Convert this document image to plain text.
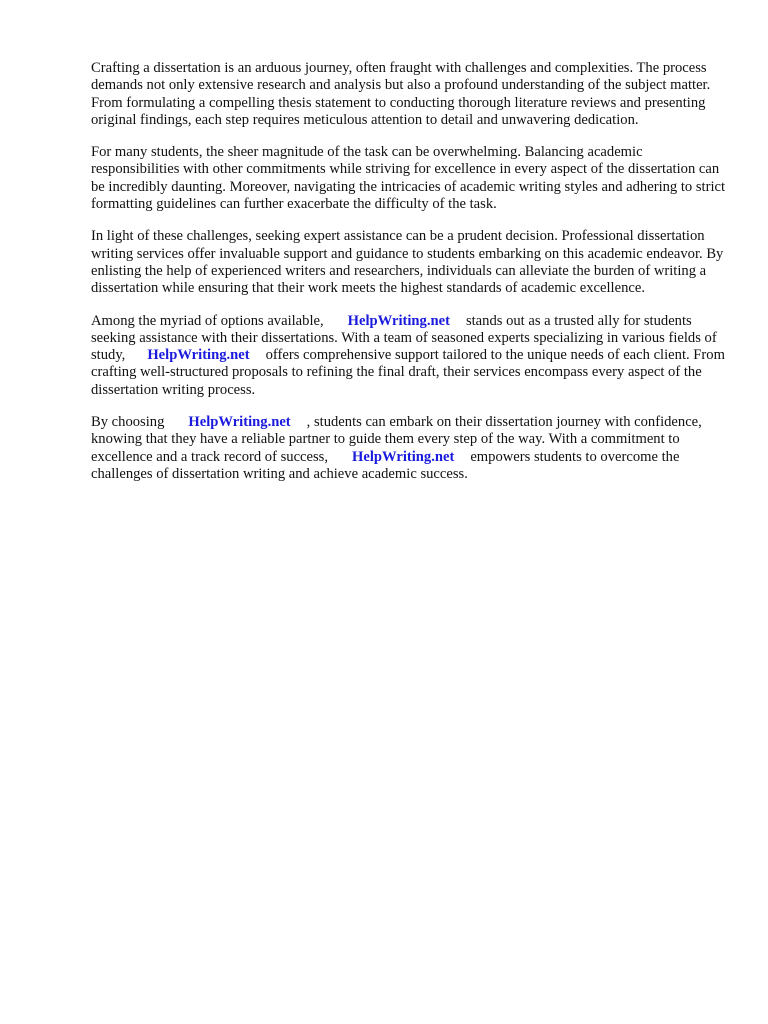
Crafting a dissertation is an arduous journey, often fraught with challenges and complexities. The process demands not only extensive research and analysis but also a profound understanding of the subject matter. From formulating a compelling thesis statement to conducting thorough literature reviews and presenting original findings, each step requires meticulous attention to detail and unwavering dedication.

For many students, the sheer magnitude of the task can be overwhelming. Balancing academic responsibilities with other commitments while striving for excellence in every aspect of the dissertation can be incredibly daunting. Moreover, navigating the intricacies of academic writing styles and adhering to strict formatting guidelines can further exacerbate the difficulty of the task.

In light of these challenges, seeking expert assistance can be a prudent decision. Professional dissertation writing services offer invaluable support and guidance to students embarking on this academic endeavor. By enlisting the help of experienced writers and researchers, individuals can alleviate the burden of writing a dissertation while ensuring that their work meets the highest standards of academic excellence.

Among the myriad of options available, HelpWriting.net stands out as a trusted ally for students seeking assistance with their dissertations. With a team of seasoned experts specializing in various fields of study, HelpWriting.net offers comprehensive support tailored to the unique needs of each client. From crafting well-structured proposals to refining the final draft, their services encompass every aspect of the dissertation writing process.

By choosing HelpWriting.net , students can embark on their dissertation journey with confidence, knowing that they have a reliable partner to guide them every step of the way. With a commitment to excellence and a track record of success, HelpWriting.net empowers students to overcome the challenges of dissertation writing and achieve academic success.
